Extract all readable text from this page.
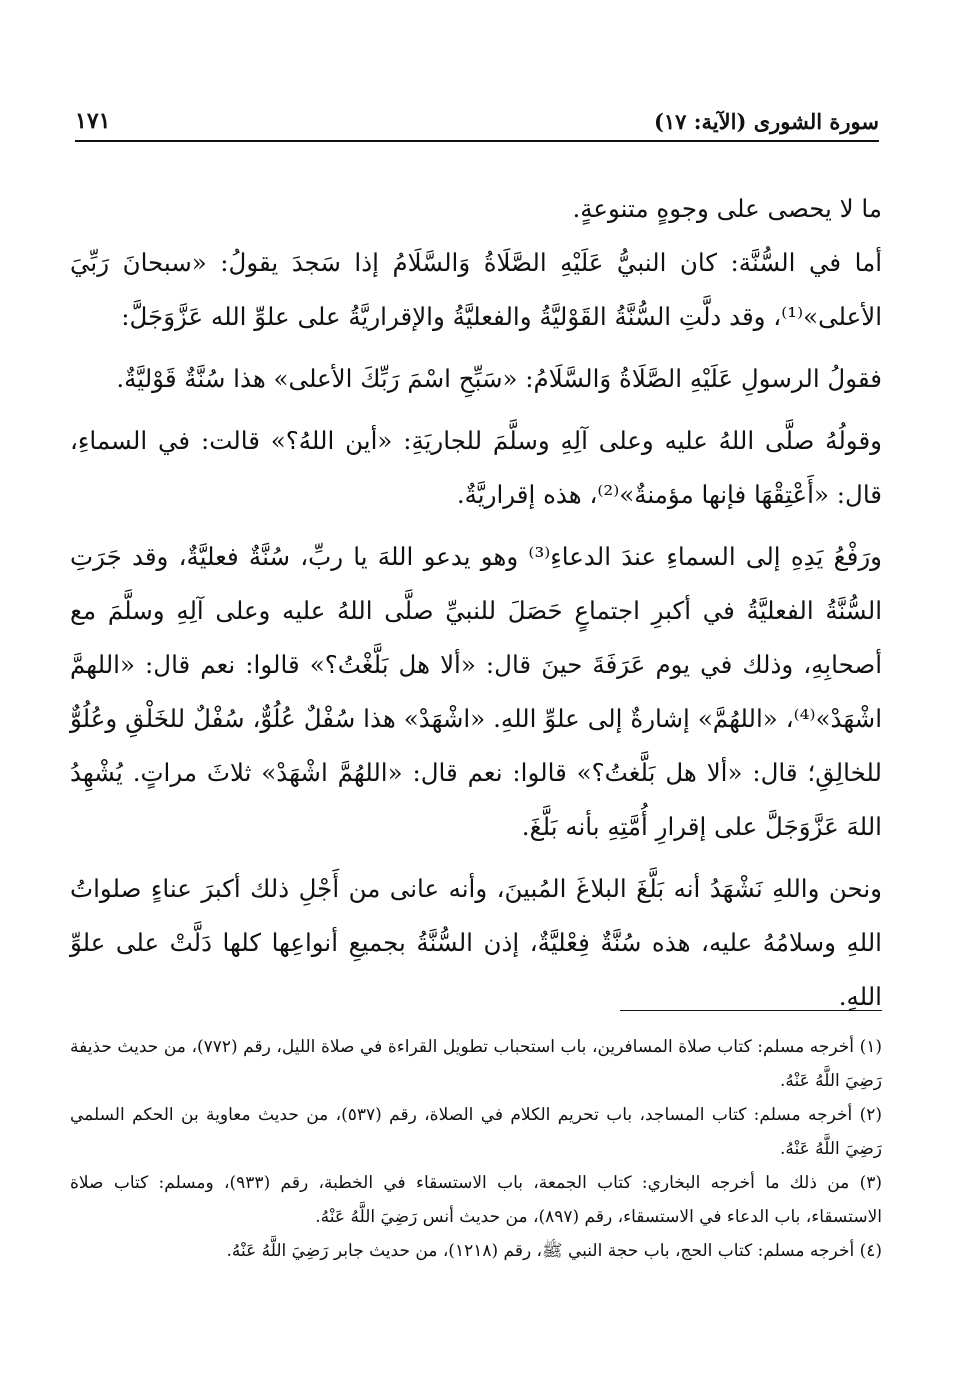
سورة الشورى (الآية: ١٧)
١٧١

ما لا يحصى على وجوهٍ متنوعةٍ.

أما في السُّنَّة: كان النبيُّ عَلَيْهِ الصَّلَاةُ وَالسَّلَامُ إذا سَجدَ يقولُ: «سبحانَ رَبِّيَ الأعلى»⁽¹⁾، وقد دلَّتِ السُّنَّةُ القَوْليَّةُ والفعليَّةُ والإقراريَّةُ على علوِّ الله عَزَّوَجَلَّ:

فقولُ الرسولِ عَلَيْهِ الصَّلَاةُ وَالسَّلَامُ: «سَبِّحِ اسْمَ رَبِّكَ الأعلى» هذا سُنَّةٌ قَوْليَّةٌ.

وقولُهُ صلَّى اللهُ عليه وعلى آلِهِ وسلَّمَ للجاريَةِ: «أين اللهُ؟» قالت: في السماءِ، قال: «أَعْتِقْهَا فإنها مؤمنةٌ»⁽²⁾، هذه إقراريَّةٌ.

ورَفْعُ يَدِهِ إلى السماءِ عندَ الدعاءِ⁽³⁾ وهو يدعو اللهَ يا ربِّ، سُنَّةٌ فعليَّةٌ، وقد جَرَتِ السُّنَّةُ الفعليَّةُ في أكبرِ اجتماعٍ حَصَلَ للنبيِّ صلَّى اللهُ عليه وعلى آلِهِ وسلَّمَ مع أصحابِهِ، وذلك في يوم عَرَفَةَ حينَ قال: «ألا هل بَلَّغْتُ؟» قالوا: نعم قال: «اللهمَّ اشْهَدْ»⁽⁴⁾، «اللهُمَّ» إشارةٌ إلى علوِّ اللهِ. «اشْهَدْ» هذا سُفْلٌ عُلُوٌّ، سُفْلٌ للخَلْقِ وعُلُوٌّ للخالِقِ؛ قال: «ألا هل بَلَّغتُ؟» قالوا: نعم قال: «اللهُمَّ اشْهَدْ» ثلاثَ مراتٍ. يُشْهِدُ اللهَ عَزَّوَجَلَّ على إقرارِ أُمَّتِهِ بأنه بَلَّغَ.

ونحن واللهِ نَشْهَدُ أنه بَلَّغَ البلاغَ المُبينَ، وأنه عانى من أَجْلِ ذلك أكبرَ عناءٍ صلواتُ اللهِ وسلامُهُ عليه، هذه سُنَّةٌ فِعْليَّةٌ، إذن السُّنَّةُ بجميعِ أنواعِها كلها دَلَّتْ على علوِّ اللهِ.

(١) أخرجه مسلم: كتاب صلاة المسافرين، باب استحباب تطويل القراءة في صلاة الليل، رقم (٧٧٢)، من حديث حذيفة رَضِيَ اللَّهُ عَنْهُ.

(٢) أخرجه مسلم: كتاب المساجد، باب تحريم الكلام في الصلاة، رقم (٥٣٧)، من حديث معاوية بن الحكم السلمي رَضِيَ اللَّهُ عَنْهُ.

(٣) من ذلك ما أخرجه البخاري: كتاب الجمعة، باب الاستسقاء في الخطبة، رقم (٩٣٣)، ومسلم: كتاب صلاة الاستسقاء، باب الدعاء في الاستسقاء، رقم (٨٩٧)، من حديث أنس رَضِيَ اللَّهُ عَنْهُ.

(٤) أخرجه مسلم: كتاب الحج، باب حجة النبي ﷺ، رقم (١٢١٨)، من حديث جابر رَضِيَ اللَّهُ عَنْهُ.
